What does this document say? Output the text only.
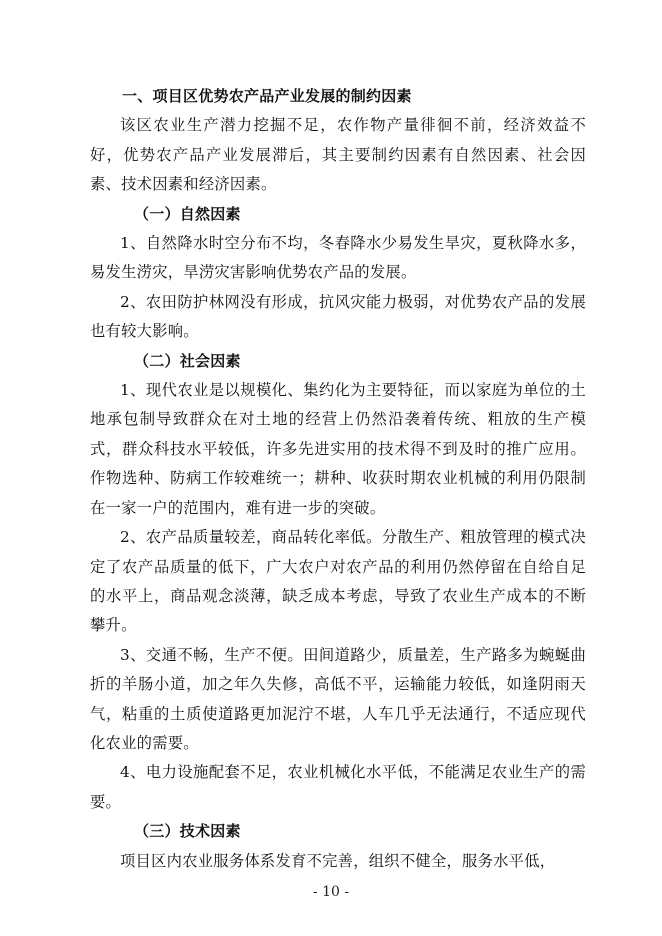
一、项目区优势农产品产业发展的制约因素

该区农业生产潜力挖掘不足，农作物产量徘徊不前，经济效益不好，优势农产品产业发展滞后，其主要制约因素有自然因素、社会因素、技术因素和经济因素。

（一）自然因素

1、自然降水时空分布不均，冬春降水少易发生旱灾，夏秋降水多，易发生涝灾，旱涝灾害影响优势农产品的发展。

2、农田防护林网没有形成，抗风灾能力极弱，对优势农产品的发展也有较大影响。

（二）社会因素

1、现代农业是以规模化、集约化为主要特征，而以家庭为单位的土地承包制导致群众在对土地的经营上仍然沿袭着传统、粗放的生产模式，群众科技水平较低，许多先进实用的技术得不到及时的推广应用。作物选种、防病工作较难统一；耕种、收获时期农业机械的利用仍限制在一家一户的范围内，难有进一步的突破。

2、农产品质量较差，商品转化率低。分散生产、粗放管理的模式决定了农产品质量的低下，广大农户对农产品的利用仍然停留在自给自足的水平上，商品观念淡薄，缺乏成本考虑，导致了农业生产成本的不断攀升。

3、交通不畅，生产不便。田间道路少，质量差，生产路多为蜿蜒曲折的羊肠小道，加之年久失修，高低不平，运输能力较低，如逢阴雨天气，粘重的土质使道路更加泥泞不堪，人车几乎无法通行，不适应现代化农业的需要。

4、电力设施配套不足，农业机械化水平低，不能满足农业生产的需要。

（三）技术因素

项目区内农业服务体系发育不完善，组织不健全，服务水平低，

- 10 -
